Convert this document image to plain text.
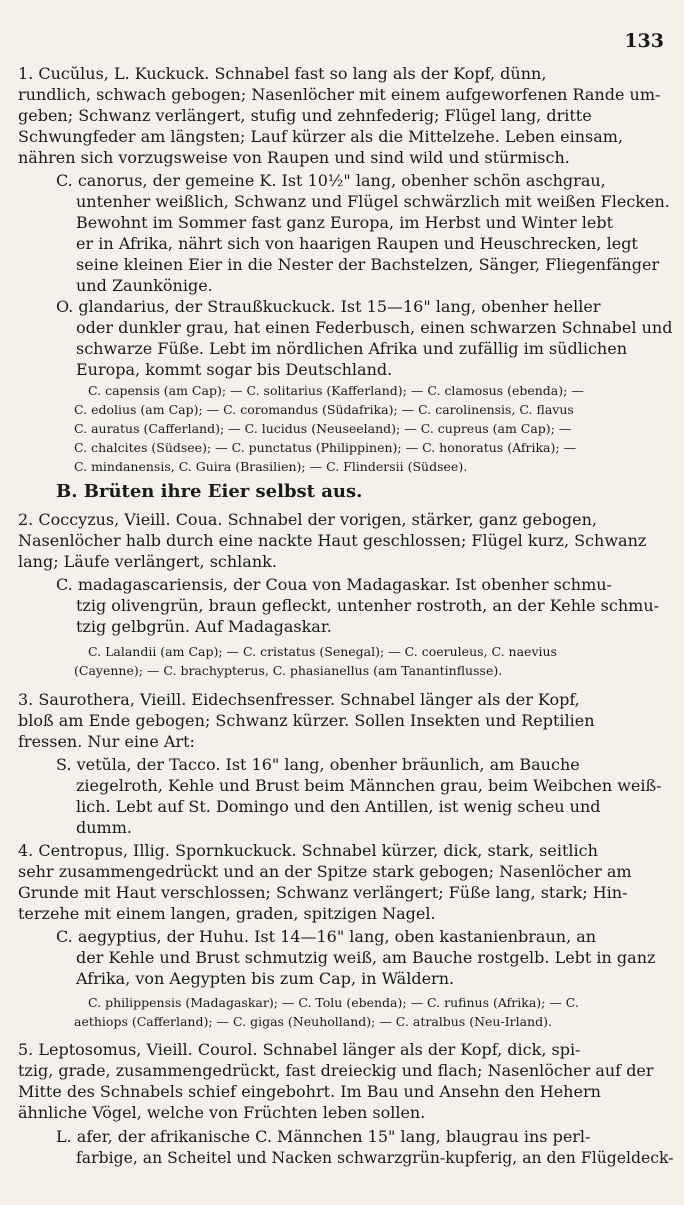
133
1. Cucŭlus, L. Kuckuck. Schnabel fast so lang als der Kopf, dünn,
rundlich, schwach gebogen; Nasenlöcher mit einem aufgeworfenen Rande um-
geben; Schwanz verlängert, stufig und zehnfederig; Flügel lang, dritte
Schwungfeder am längsten; Lauf kürzer als die Mittelzehe. Leben einsam,
nähren sich vorzugsweise von Raupen und sind wild und stürmisch.
C. canorus, der gemeine K. Ist 10½" lang, obenher schön aschgrau,
untenher weißlich, Schwanz und Flügel schwärzlich mit weißen Flecken.
Bewohnt im Sommer fast ganz Europa, im Herbst und Winter lebt
er in Afrika, nährt sich von haarigen Raupen und Heuschrecken, legt
seine kleinen Eier in die Nester der Bachstelzen, Sänger, Fliegenfänger
und Zaunkönige.
O. glandarius, der Straußkuckuck. Ist 15—16" lang, obenher heller
oder dunkler grau, hat einen Federbusch, einen schwarzen Schnabel und
schwarze Füße. Lebt im nördlichen Afrika und zufällig im südlichen
Europa, kommt sogar bis Deutschland.
C. capensis (am Cap); — C. solitarius (Kafferland); — C. clamosus (ebenda); —
C. edolius (am Cap); — C. coromandus (Südafrika); — C. carolinensis, C. flavus
C. auratus (Cafferland); — C. lucidus (Neuseeland); — C. cupreus (am Cap); —
C. chalcites (Südsee); — C. punctatus (Philippinen); — C. honoratus (Afrika); —
C. mindanensis, C. Guira (Brasilien); — C. Flindersii (Südsee).
B. Brüten ihre Eier selbst aus.
2. Coccyzus, Vieill. Coua. Schnabel der vorigen, stärker, ganz gebogen,
Nasenlöcher halb durch eine nackte Haut geschlossen; Flügel kurz, Schwanz
lang; Läufe verlängert, schlank.
C. madagascariensis, der Coua von Madagaskar. Ist obenher schmu-
tzig olivengrün, braun gefleckt, untenher rostroth, an der Kehle schmu-
tzig gelbgrün. Auf Madagaskar.
C. Lalandii (am Cap); — C. cristatus (Senegal); — C. coeruleus, C. naevius
(Cayenne); — C. brachypterus, C. phasianellus (am Tanantinflusse).
3. Saurothera, Vieill. Eidechsenfresser. Schnabel länger als der Kopf,
bloß am Ende gebogen; Schwanz kürzer. Sollen Insekten und Reptilien
fressen. Nur eine Art:
S. vetŭla, der Tacco. Ist 16" lang, obenher bräunlich, am Bauche
ziegelroth, Kehle und Brust beim Männchen grau, beim Weibchen weiß-
lich. Lebt auf St. Domingo und den Antillen, ist wenig scheu und
dumm.
4. Centropus, Illig. Spornkuckuck. Schnabel kürzer, dick, stark, seitlich
sehr zusammengedrückt und an der Spitze stark gebogen; Nasenlöcher am
Grunde mit Haut verschlossen; Schwanz verlängert; Füße lang, stark; Hin-
terzehe mit einem langen, graden, spitzigen Nagel.
C. aegyptius, der Huhu. Ist 14—16" lang, oben kastanienbraun, an
der Kehle und Brust schmutzig weiß, am Bauche rostgelb. Lebt in ganz
Afrika, von Aegypten bis zum Cap, in Wäldern.
C. philippensis (Madagaskar); — C. Tolu (ebenda); — C. rufinus (Afrika); — C.
aethiops (Cafferland); — C. gigas (Neuholland); — C. atralbus (Neu-Irland).
5. Leptosomus, Vieill. Courol. Schnabel länger als der Kopf, dick, spi-
tzig, grade, zusammengedrückt, fast dreieckig und flach; Nasenlöcher auf der
Mitte des Schnabels schief eingebohrt. Im Bau und Ansehn den Hehern
ähnliche Vögel, welche von Früchten leben sollen.
L. afer, der afrikanische C. Männchen 15" lang, blaugrau ins perl-
farbige, an Scheitel und Nacken schwarzgrün-kupferig, an den Flügeldeck-
